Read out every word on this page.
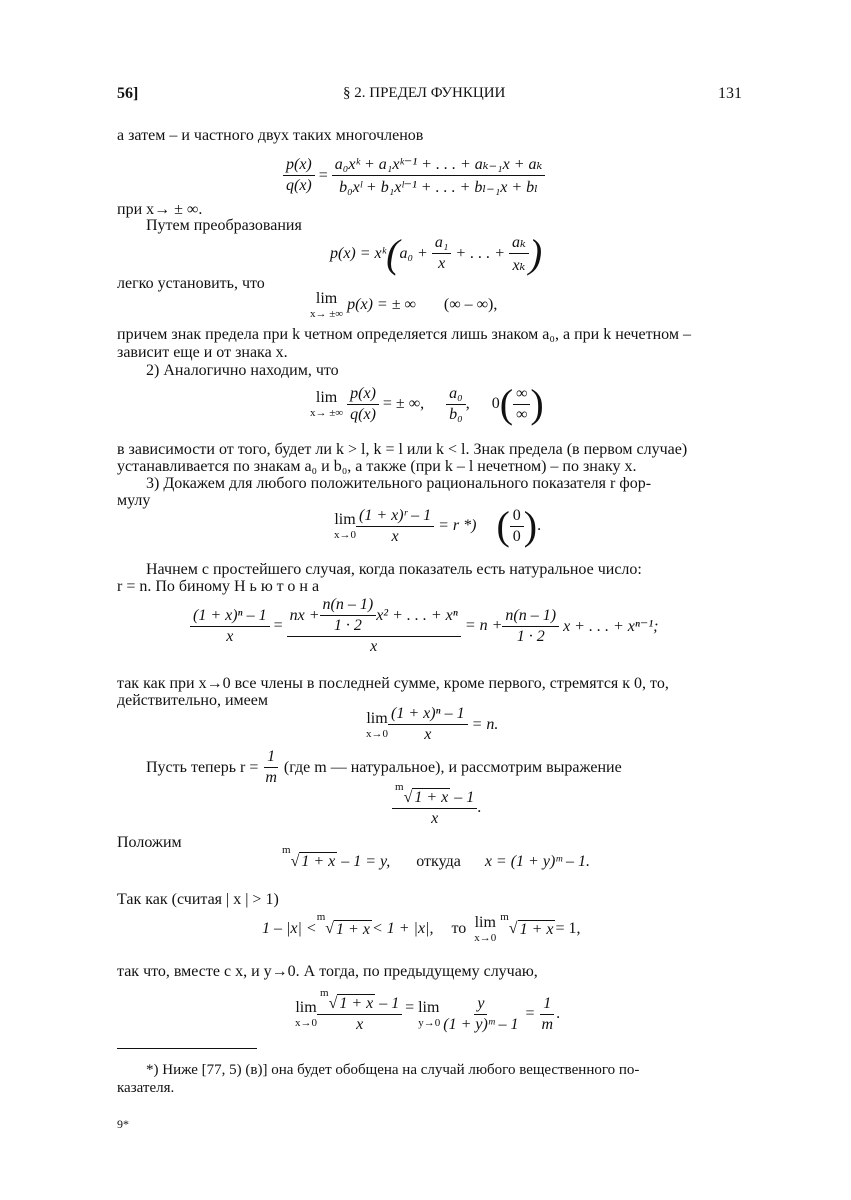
56]	§ 2. ПРЕДЕЛ ФУНКЦИИ	131
а затем – и частного двух таких многочленов
$\frac{p(x)}{q(x)} = \frac{\text{a₀xᵏ + a₁xᵏ⁻¹ + . . . + aₖ₋₁x + aₖ}}{\text{b₀xˡ + b₁xˡ⁻¹ + . . . + bₗ₋₁x + bₗ}}$
при x→ ± ∞.
Путем преобразования
p(x) = xᵏ ( a₀ +
$\frac{\text{a₁}}{x}$
+ . . . +
$\frac{\text{aₖ}}{\text{xₖ}}$ )
легко установить, что
lim
x→ ±∞

p(x) = ± ∞ (∞ – ∞),
причем знак предела при k четном определяется лишь знаком a₀, а при k нечетном –
зависит еще и от знака x.
2) Аналогично находим, что
lim
x→ ±∞
$\frac{p(x)}{q(x)}$
= ± ∞, $\frac{\text{a₀}}{\text{b₀}}$ , 0 ( $\frac{\infty}{\infty}$ )
в зависимости от того, будет ли k > l, k = l или k < l. Знак предела (в первом случае)
устанавливается по знакам a₀ и b₀, а также (при k – l нечетном) – по знаку x.
3) Докажем для любого положительного рационального показателя r фор-
мулу
lim
$x\to 0 \frac{\text{(1 + x)ʳ – 1}}{x}$
= r *) ( $\frac{0}{0}$ ) .
Начнем с простейшего случая, когда показатель есть натуральное число:
r = n. По биному Ньютона
$\frac{\text{(1 + x)ⁿ – 1}}{x} = \frac{nx + \frac{n(n - 1)}{1 \cdot 2} x^2 + . . . + x^n}{x}$
= $n + \frac{n(n - 1)}{1 \cdot 2}$
x + . . . + xⁿ⁻¹;
так как при x→0 все члены в последней сумме, кроме первого, стремятся к 0, то,
действительно, имеем
lim
$x\to 0 \frac{\text{(1 + x)ⁿ – 1}}{x}$
= n.
Пусть теперь r =
$\frac{1}{m}$
(где m — натуральное), и рассмотрим выражение
m
√ 1 + x
– 1
x .
Положим	m
√ 1 + x
– 1 = y, откуда x = (1 + y)ᵐ – 1.
Так как (считая | x | > 1)
1 – |x| <
m
√ 1 + x < 1 + |x|, то
lim
x→0

m
√ 1 + x = 1,
так что, вместе с x, и y→0. А тогда, по предыдущему случаю,
lim
x→0 m
√ 1 + x
– 1
x = lim
$y\to 0 \frac{y}{\text{(1 + y)ᵐ – 1}} = \frac{1}{m}$ .
*) Ниже [77, 5) (в)] она будет обобщена на случай любого вещественного по-
казателя.
9*
